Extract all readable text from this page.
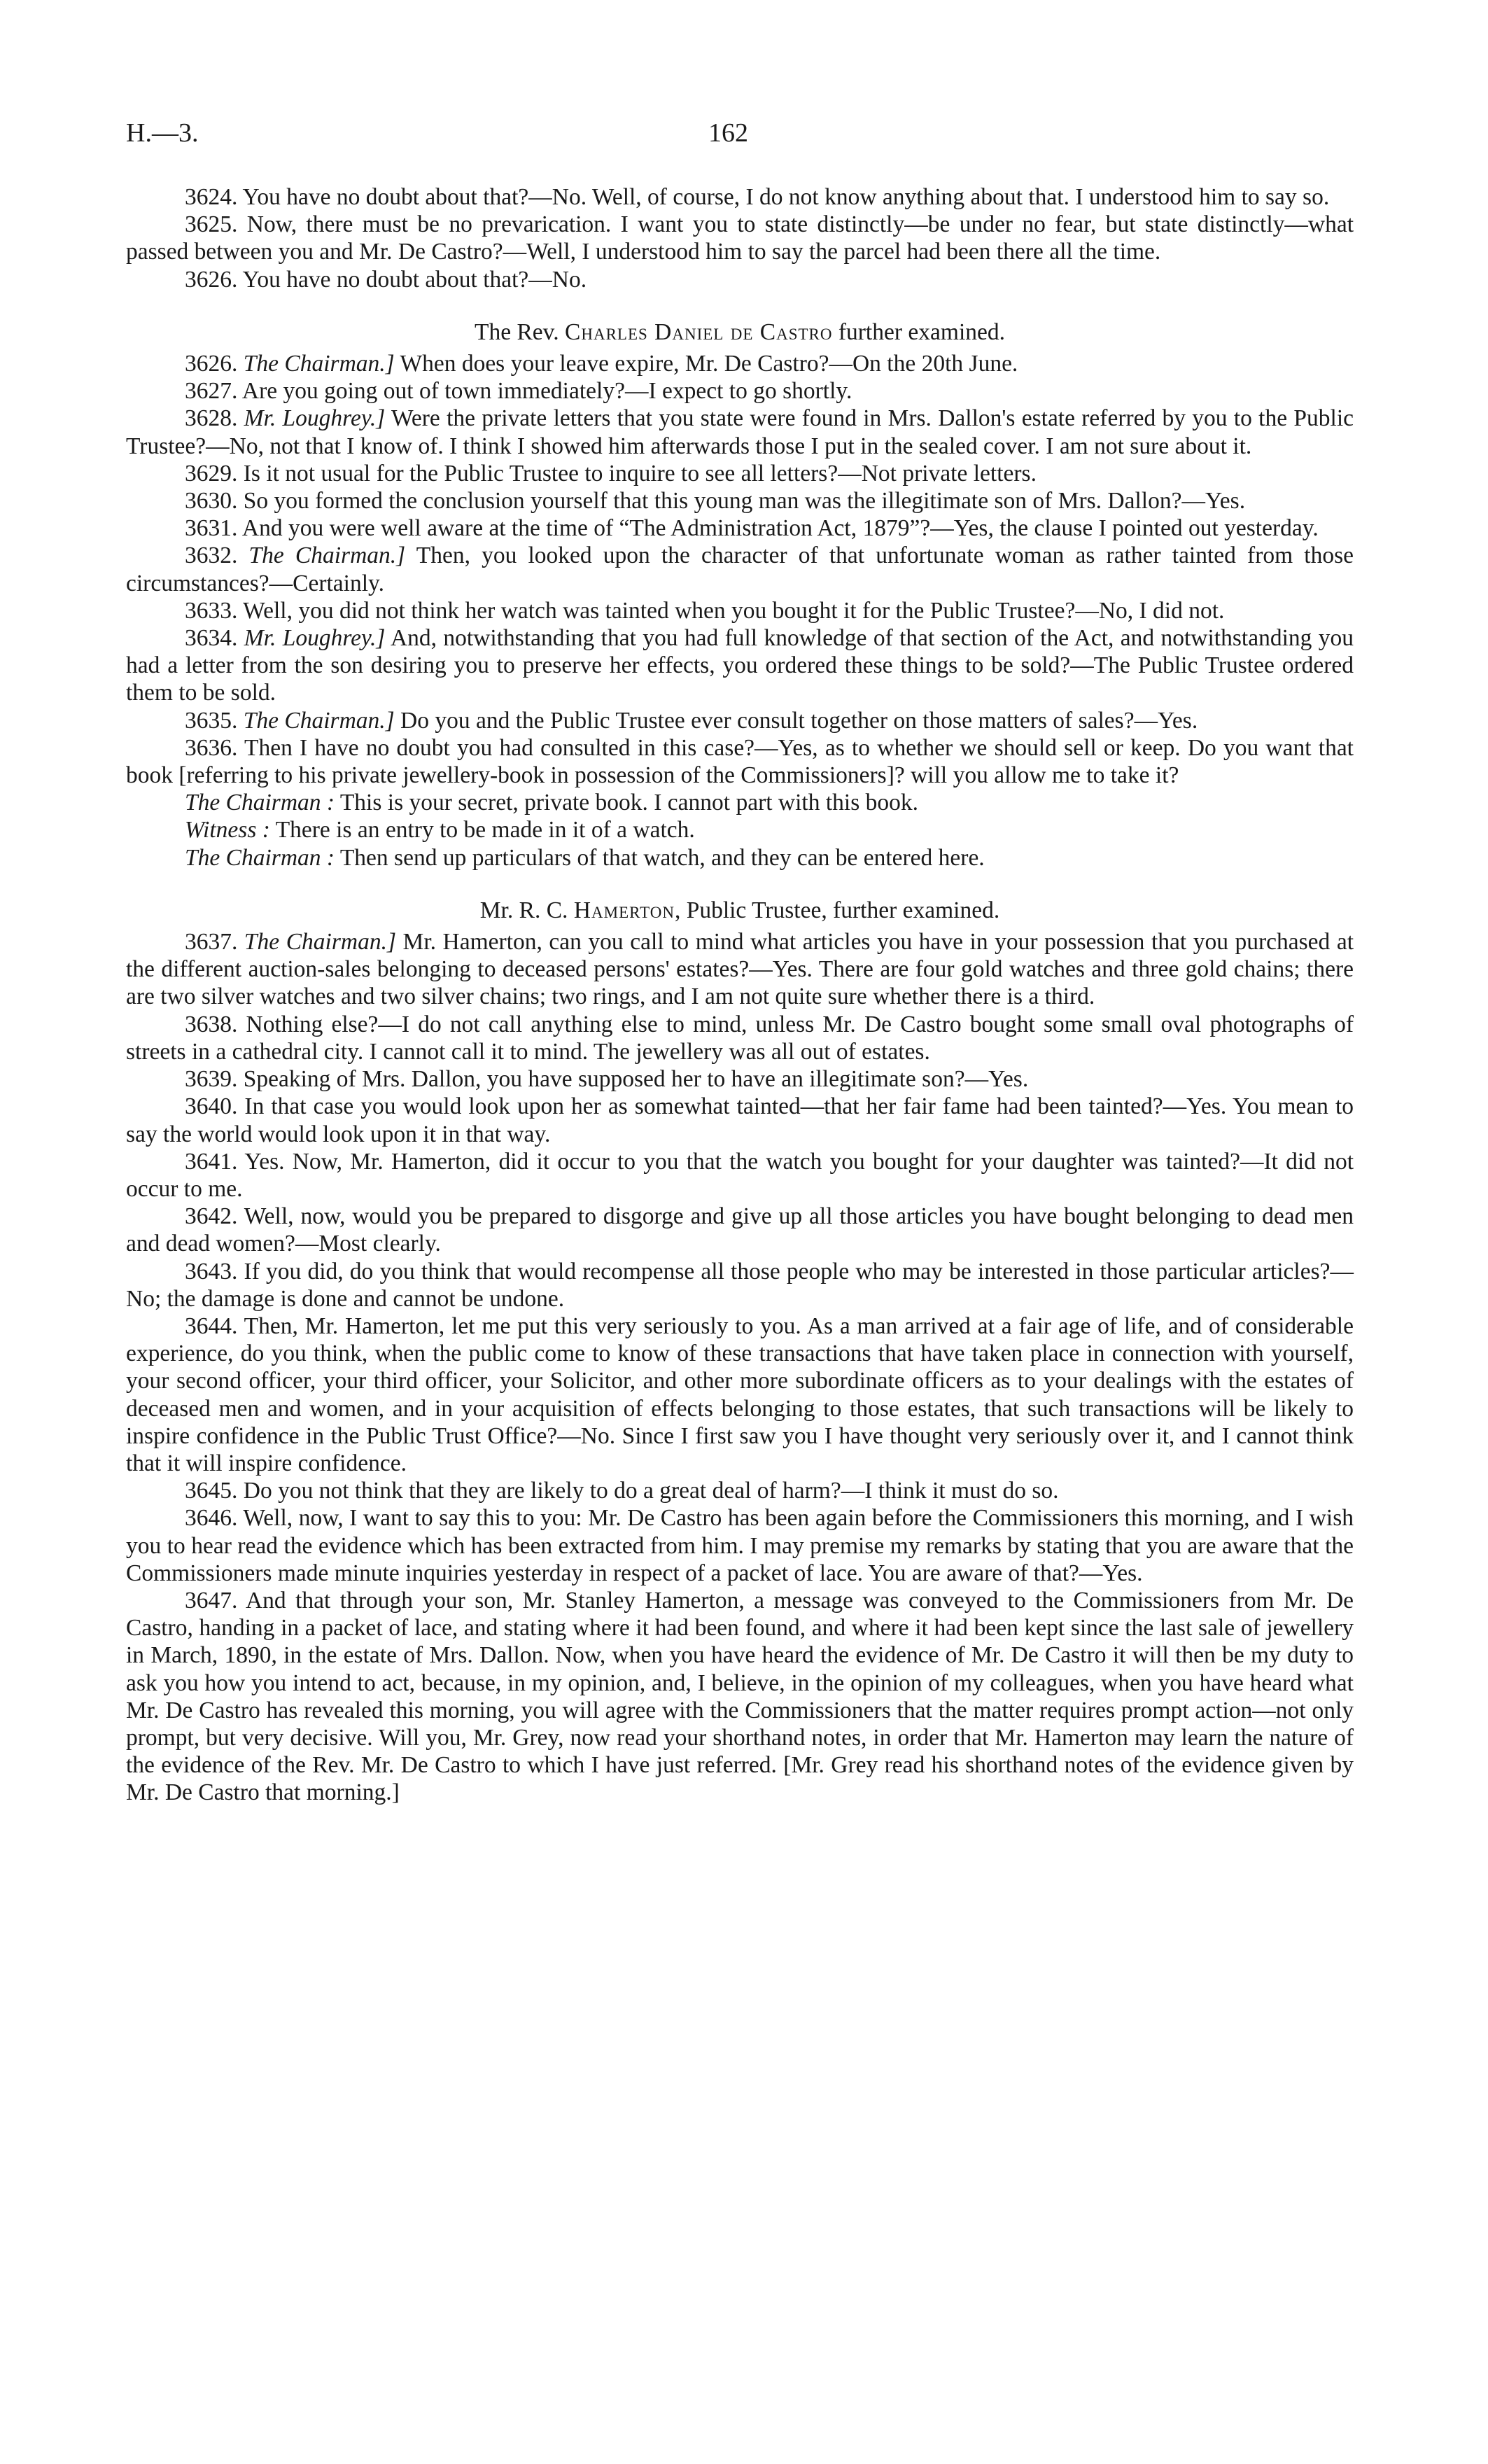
H.—3.	162

3624. You have no doubt about that?—No. Well, of course, I do not know anything about that. I understood him to say so.

3625. Now, there must be no prevarication. I want you to state distinctly—be under no fear, but state distinctly—what passed between you and Mr. De Castro?—Well, I understood him to say the parcel had been there all the time.

3626. You have no doubt about that?—No.

The Rev. Charles Daniel de Castro further examined.

3626. The Chairman.] When does your leave expire, Mr. De Castro?—On the 20th June.

3627. Are you going out of town immediately?—I expect to go shortly.

3628. Mr. Loughrey.] Were the private letters that you state were found in Mrs. Dallon's estate referred by you to the Public Trustee?—No, not that I know of. I think I showed him afterwards those I put in the sealed cover. I am not sure about it.

3629. Is it not usual for the Public Trustee to inquire to see all letters?—Not private letters.

3630. So you formed the conclusion yourself that this young man was the illegitimate son of Mrs. Dallon?—Yes.

3631. And you were well aware at the time of “The Administration Act, 1879”?—Yes, the clause I pointed out yesterday.

3632. The Chairman.] Then, you looked upon the character of that unfortunate woman as rather tainted from those circumstances?—Certainly.

3633. Well, you did not think her watch was tainted when you bought it for the Public Trustee?—No, I did not.

3634. Mr. Loughrey.] And, notwithstanding that you had full knowledge of that section of the Act, and notwithstanding you had a letter from the son desiring you to preserve her effects, you ordered these things to be sold?—The Public Trustee ordered them to be sold.

3635. The Chairman.] Do you and the Public Trustee ever consult together on those matters of sales?—Yes.

3636. Then I have no doubt you had consulted in this case?—Yes, as to whether we should sell or keep. Do you want that book [referring to his private jewellery-book in possession of the Commissioners]? will you allow me to take it?

The Chairman : This is your secret, private book. I cannot part with this book.

Witness : There is an entry to be made in it of a watch.

The Chairman : Then send up particulars of that watch, and they can be entered here.

Mr. R. C. Hamerton, Public Trustee, further examined.

3637. The Chairman.] Mr. Hamerton, can you call to mind what articles you have in your possession that you purchased at the different auction-sales belonging to deceased persons' estates?—Yes. There are four gold watches and three gold chains; there are two silver watches and two silver chains; two rings, and I am not quite sure whether there is a third.

3638. Nothing else?—I do not call anything else to mind, unless Mr. De Castro bought some small oval photographs of streets in a cathedral city. I cannot call it to mind. The jewellery was all out of estates.

3639. Speaking of Mrs. Dallon, you have supposed her to have an illegitimate son?—Yes.

3640. In that case you would look upon her as somewhat tainted—that her fair fame had been tainted?—Yes. You mean to say the world would look upon it in that way.

3641. Yes. Now, Mr. Hamerton, did it occur to you that the watch you bought for your daughter was tainted?—It did not occur to me.

3642. Well, now, would you be prepared to disgorge and give up all those articles you have bought belonging to dead men and dead women?—Most clearly.

3643. If you did, do you think that would recompense all those people who may be interested in those particular articles?—No; the damage is done and cannot be undone.

3644. Then, Mr. Hamerton, let me put this very seriously to you. As a man arrived at a fair age of life, and of considerable experience, do you think, when the public come to know of these transactions that have taken place in connection with yourself, your second officer, your third officer, your Solicitor, and other more subordinate officers as to your dealings with the estates of deceased men and women, and in your acquisition of effects belonging to those estates, that such transactions will be likely to inspire confidence in the Public Trust Office?—No. Since I first saw you I have thought very seriously over it, and I cannot think that it will inspire confidence.

3645. Do you not think that they are likely to do a great deal of harm?—I think it must do so.

3646. Well, now, I want to say this to you: Mr. De Castro has been again before the Commissioners this morning, and I wish you to hear read the evidence which has been extracted from him. I may premise my remarks by stating that you are aware that the Commissioners made minute inquiries yesterday in respect of a packet of lace. You are aware of that?—Yes.

3647. And that through your son, Mr. Stanley Hamerton, a message was conveyed to the Commissioners from Mr. De Castro, handing in a packet of lace, and stating where it had been found, and where it had been kept since the last sale of jewellery in March, 1890, in the estate of Mrs. Dallon. Now, when you have heard the evidence of Mr. De Castro it will then be my duty to ask you how you intend to act, because, in my opinion, and, I believe, in the opinion of my colleagues, when you have heard what Mr. De Castro has revealed this morning, you will agree with the Commissioners that the matter requires prompt action—not only prompt, but very decisive. Will you, Mr. Grey, now read your shorthand notes, in order that Mr. Hamerton may learn the nature of the evidence of the Rev. Mr. De Castro to which I have just referred. [Mr. Grey read his shorthand notes of the evidence given by Mr. De Castro that morning.]
